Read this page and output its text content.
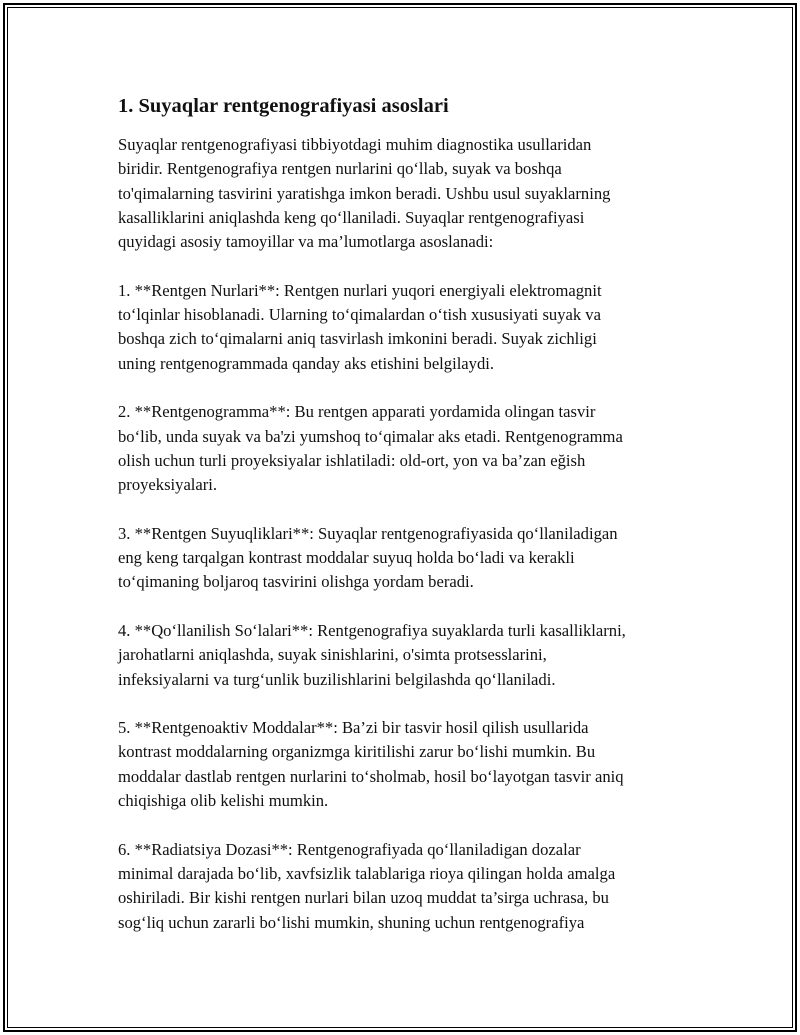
1. Suyaqlar rentgenografiyasi asoslari
Suyaqlar rentgenografiyasi tibbiyotdagi muhim diagnostika usullaridan
biridir. Rentgenografiya rentgen nurlarini qo‘llab, suyak va boshqa
to'qimalarning tasvirini yaratishga imkon beradi. Ushbu usul suyaklarning
kasalliklarini aniqlashda keng qo‘llaniladi. Suyaqlar rentgenografiyasi
quyidagi asosiy tamoyillar va ma’lumotlarga asoslanadi:
1. **Rentgen Nurlari**: Rentgen nurlari yuqori energiyali elektromagnit
to‘lqinlar hisoblanadi. Ularning to‘qimalardan o‘tish xususiyati suyak va
boshqa zich to‘qimalarni aniq tasvirlash imkonini beradi. Suyak zichligi
uning rentgenogrammada qanday aks etishini belgilaydi.
2. **Rentgenogramma**: Bu rentgen apparati yordamida olingan tasvir
bo‘lib, unda suyak va ba'zi yumshoq to‘qimalar aks etadi. Rentgenogramma
olish uchun turli proyeksiyalar ishlatiladi: old-ort, yon va ba’zan eğish
proyeksiyalari.
3. **Rentgen Suyuqliklari**: Suyaqlar rentgenografiyasida qo‘llaniladigan
eng keng tarqalgan kontrast moddalar suyuq holda bo‘ladi va kerakli
to‘qimaning boljaroq tasvirini olishga yordam beradi.
4. **Qo‘llanilish So‘lalari**: Rentgenografiya suyaklarda turli kasalliklarni,
jarohatlarni aniqlashda, suyak sinishlarini, o'simta protsesslarini,
infeksiyalarni va turg‘unlik buzilishlarini belgilashda qo‘llaniladi.
5. **Rentgenoaktiv Moddalar**: Ba’zi bir tasvir hosil qilish usullarida
kontrast moddalarning organizmga kiritilishi zarur bo‘lishi mumkin. Bu
moddalar dastlab rentgen nurlarini to‘sholmab, hosil bo‘layotgan tasvir aniq
chiqishiga olib kelishi mumkin.
6. **Radiatsiya Dozasi**: Rentgenografiyada qo‘llaniladigan dozalar
minimal darajada bo‘lib, xavfsizlik talablariga rioya qilingan holda amalga
oshiriladi. Bir kishi rentgen nurlari bilan uzoq muddat ta’sirga uchrasa, bu
sog‘liq uchun zararli bo‘lishi mumkin, shuning uchun rentgenografiya
